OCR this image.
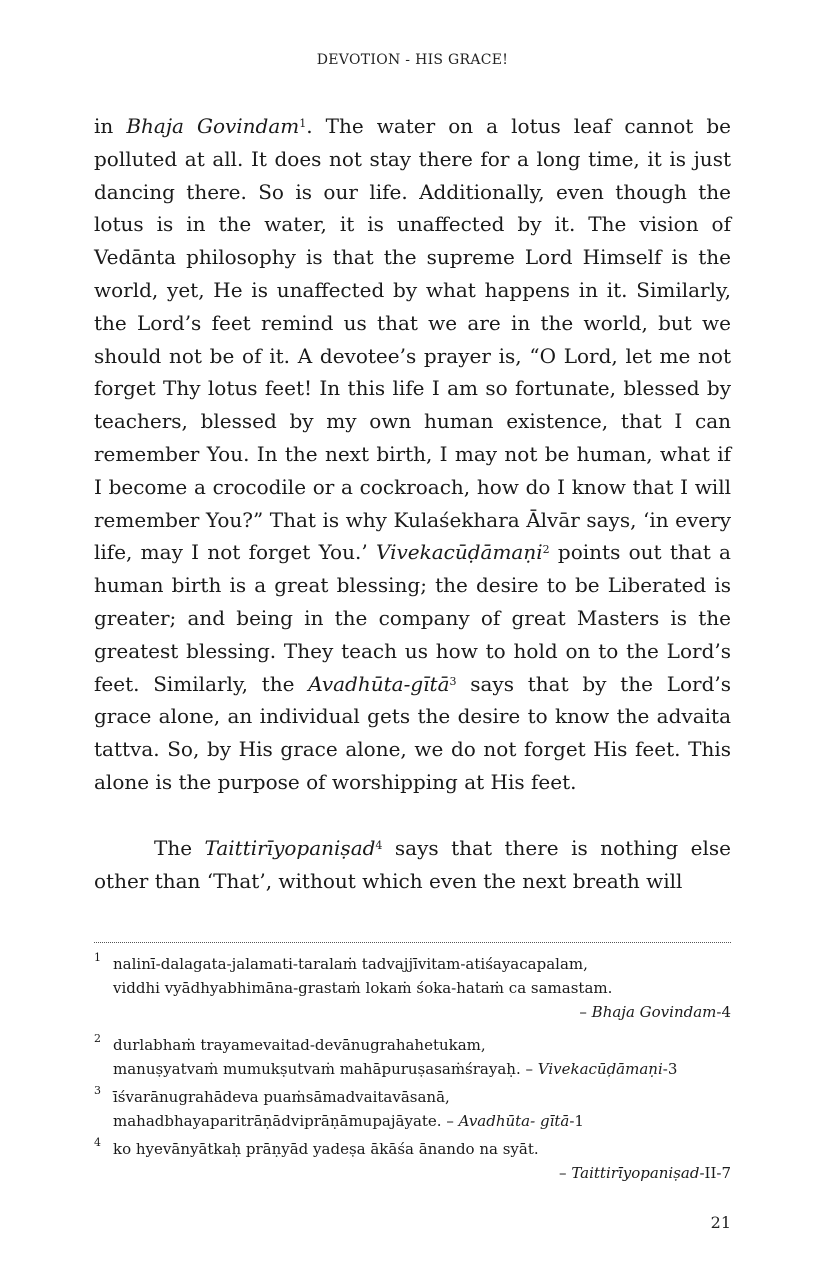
DEVOTION - HIS GRACE!

in Bhaja Govindam$^1$. The water on a lotus leaf cannot be polluted at all. It does not stay there for a long time, it is just dancing there. So is our life. Additionally, even though the lotus is in the water, it is unaffected by it. The vision of Vedānta philosophy is that the supreme Lord Himself is the world, yet, He is unaffected by what happens in it. Similarly, the Lord’s feet remind us that we are in the world, but we should not be of it. A devotee’s prayer is, “O Lord, let me not forget Thy lotus feet! In this life I am so fortunate, blessed by teachers, blessed by my own human existence, that I can remember You. In the next birth, I may not be human, what if I become a crocodile or a cockroach, how do I know that I will remember You?” That is why Kulaśekhara Ālvār says, ‘in every life, may I not forget You.’ Vivekacūḍāmaṇi$^2$ points out that a human birth is a great blessing; the desire to be Liberated is greater; and being in the company of great Masters is the greatest blessing. They teach us how to hold on to the Lord’s feet. Similarly, the Avadhūta-gītā$^3$ says that by the Lord’s grace alone, an individual gets the desire to know the advaita tattva. So, by His grace alone, we do not forget His feet. This alone is the purpose of worshipping at His feet.

The Taittirīyopaniṣad$^4$ says that there is nothing else other than ‘That’, without which even the next breath will

1 nalinī-dalagata-jalamati-taralaṁ tadvajjīvitam-atiśayacapalam,
viddhi vyādhyabhimāna-grastaṁ lokaṁ śoka-hataṁ ca samastam.
– Bhaja Govindam-4
2 durlabhaṁ trayamevaitad-devānugrahahetukam,
manuṣyatvaṁ mumukṣutvaṁ mahāpuruṣasaṁśrayaḥ. – Vivekacūḍāmaṇi-3
3 īśvarānugrahādeva puaṁsāmadvaitavāsanā,
mahadbhayaparitrāṇādviprāṇāmupajāyate. – Avadhūta- gītā-1
4 ko hyevānyātkaḥ prāṇyād yadeṣa ākāśa ānando na syāt.
– Taittirīyopaniṣad-II-7
21
